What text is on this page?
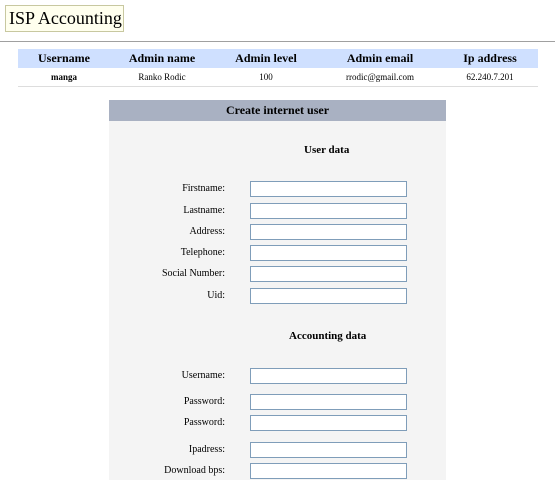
ISP Accounting
Username	Admin name	Admin level	Admin email	Ip address
manga	Ranko Rodic	100	rrodic@gmail.com	62.240.7.201
Create internet user
User data
Firstname:
Lastname:
Address:
Telephone:
Social Number:
Uid:
Accounting data
Username:
Password:
Password:
Ipadress:
Download bps:
